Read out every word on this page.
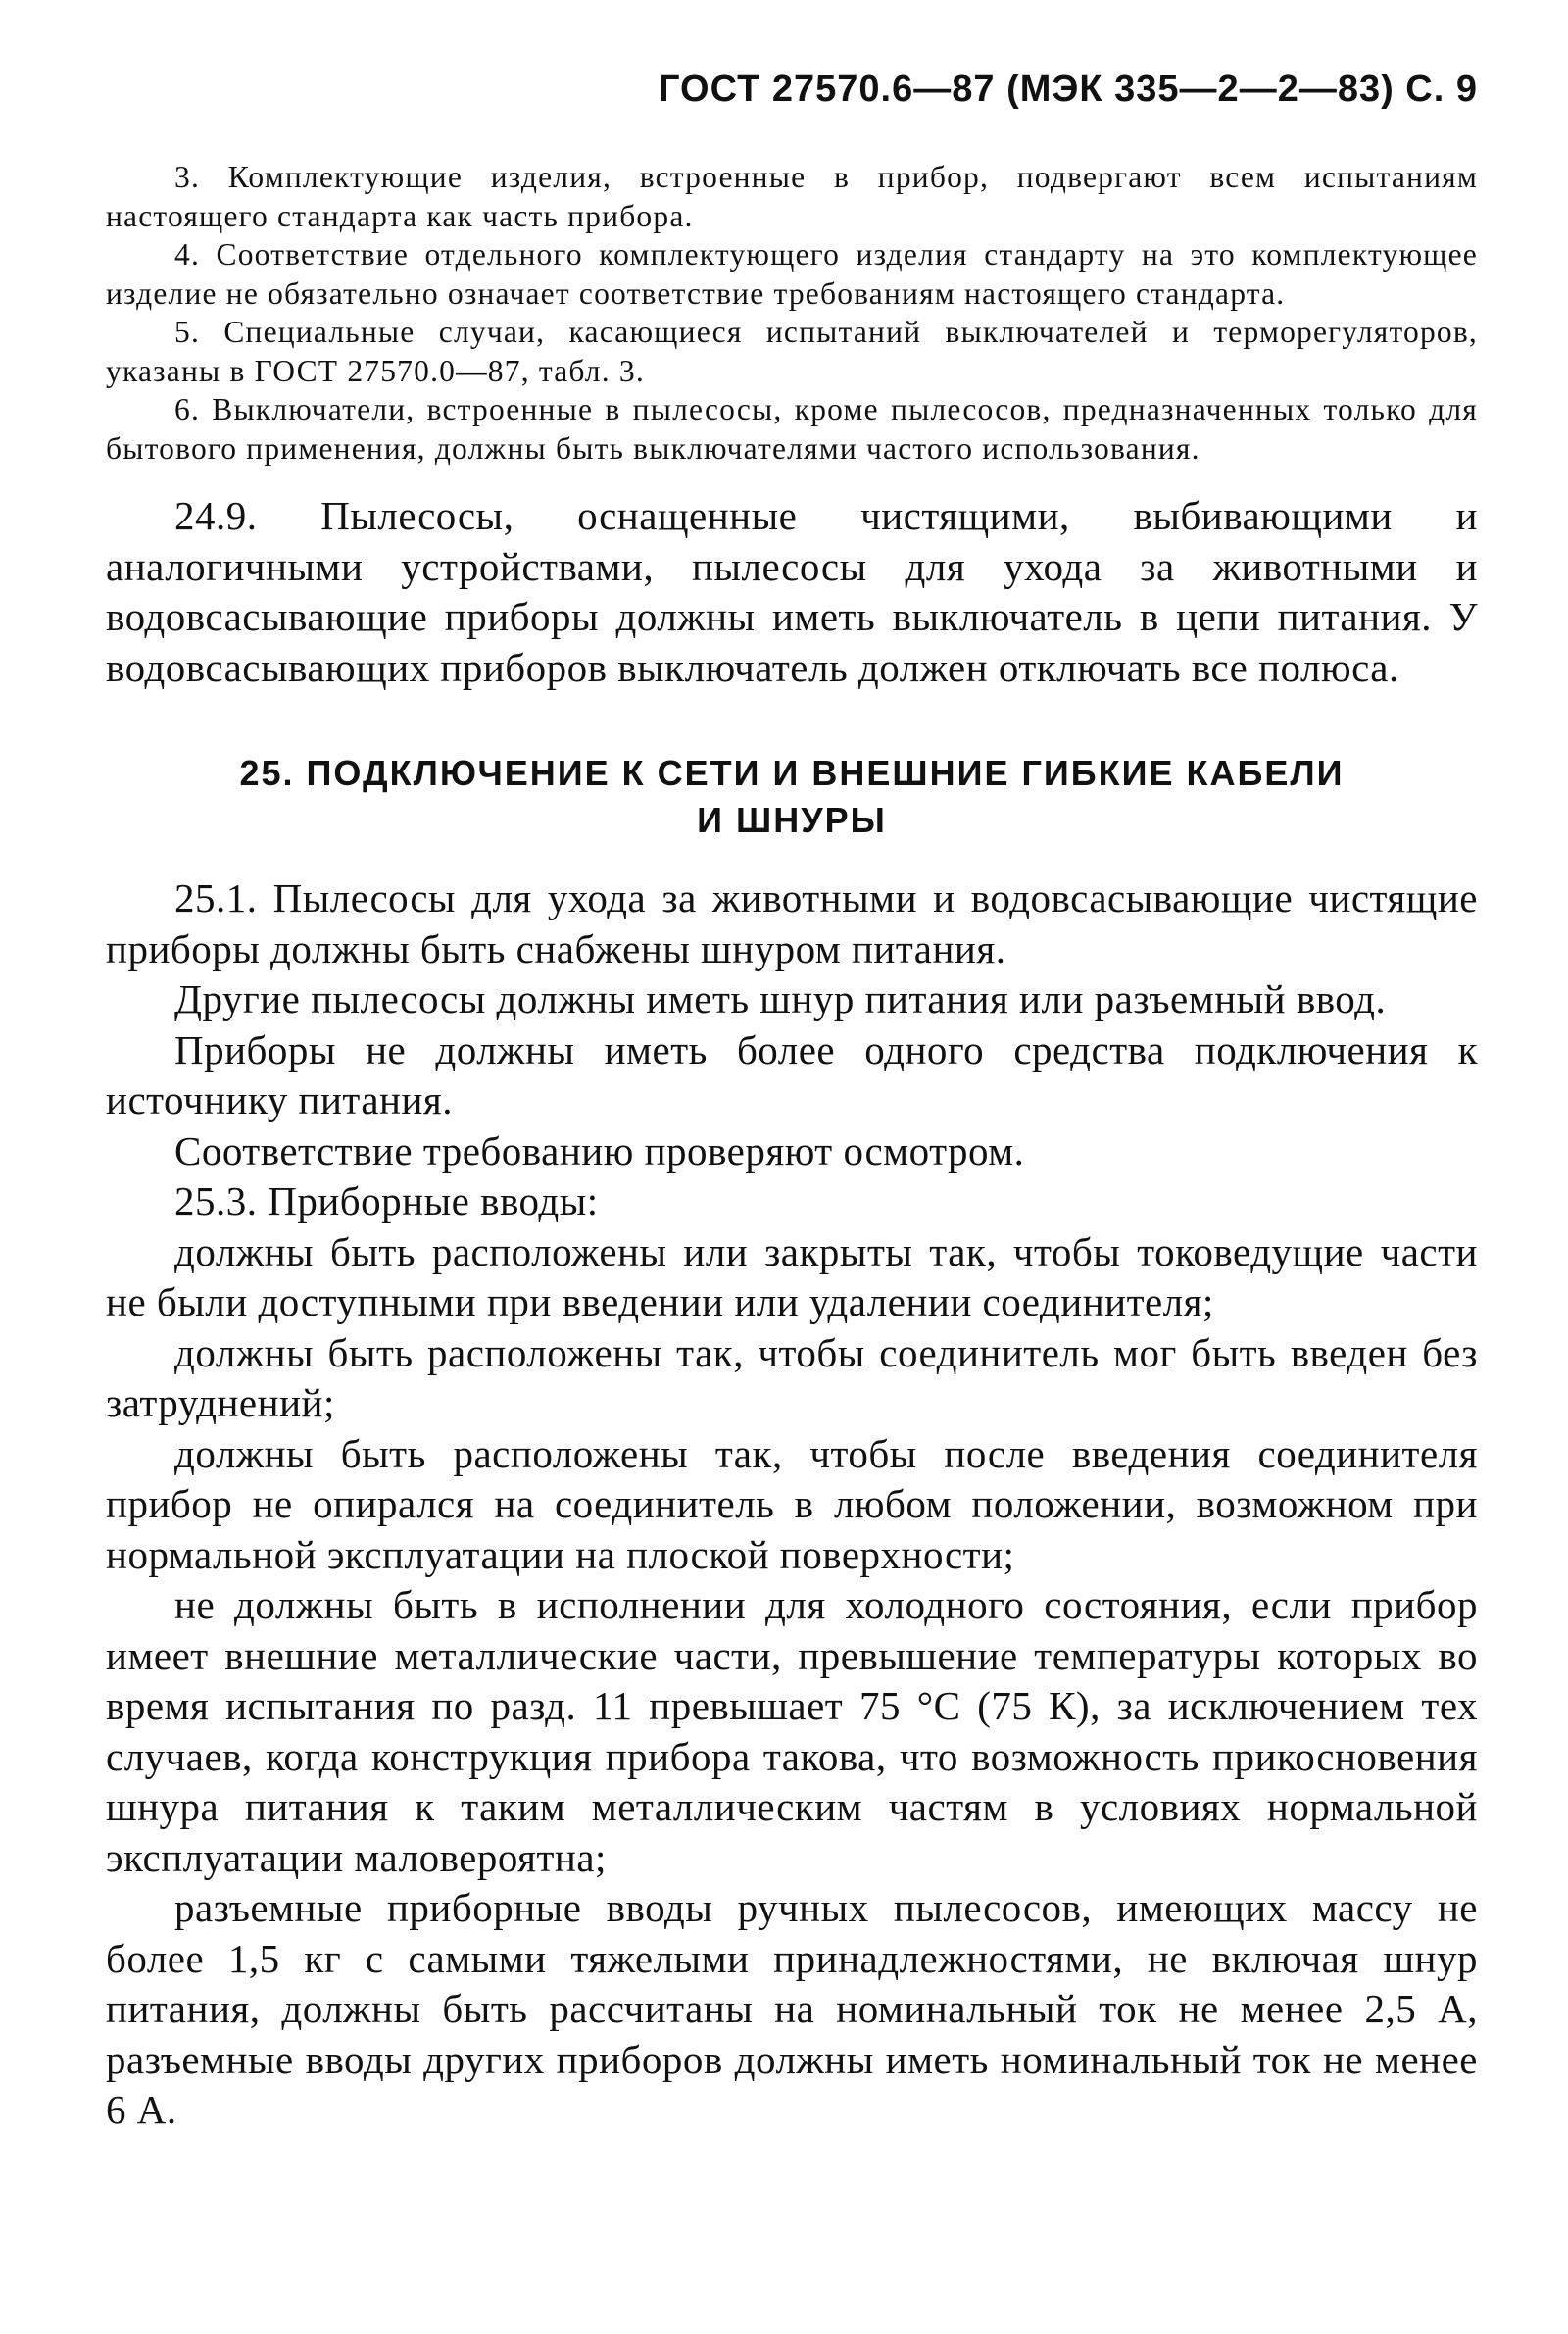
ГОСТ 27570.6—87 (МЭК 335—2—2—83) С. 9

3. Комплектующие изделия, встроенные в прибор, подвергают всем испытаниям настоящего стандарта как часть прибора.

4. Соответствие отдельного комплектующего изделия стандарту на это комплектующее изделие не обязательно означает соответствие требованиям настоящего стандарта.

5. Специальные случаи, касающиеся испытаний выключателей и терморегуляторов, указаны в ГОСТ 27570.0—87, табл. 3.

6. Выключатели, встроенные в пылесосы, кроме пылесосов, предназначенных только для бытового применения, должны быть выключателями частого использования.

24.9. Пылесосы, оснащенные чистящими, выбивающими и аналогичными устройствами, пылесосы для ухода за животными и водовсасывающие приборы должны иметь выключатель в цепи питания. У водовсасывающих приборов выключатель должен отключать все полюса.

25. ПОДКЛЮЧЕНИЕ К СЕТИ И ВНЕШНИЕ ГИБКИЕ КАБЕЛИ
И ШНУРЫ

25.1. Пылесосы для ухода за животными и водовсасывающие чистящие приборы должны быть снабжены шнуром питания.

Другие пылесосы должны иметь шнур питания или разъемный ввод.

Приборы не должны иметь более одного средства подключения к источнику питания.

Соответствие требованию проверяют осмотром.

25.3. Приборные вводы:

должны быть расположены или закрыты так, чтобы токоведущие части не были доступными при введении или удалении соединителя;

должны быть расположены так, чтобы соединитель мог быть введен без затруднений;

должны быть расположены так, чтобы после введения соединителя прибор не опирался на соединитель в любом положении, возможном при нормальной эксплуатации на плоской поверхности;

не должны быть в исполнении для холодного состояния, если прибор имеет внешние металлические части, превышение температуры которых во время испытания по разд. 11 превышает 75 °С (75 К), за исключением тех случаев, когда конструкция прибора такова, что возможность прикосновения шнура питания к таким металлическим частям в условиях нормальной эксплуатации маловероятна;

разъемные приборные вводы ручных пылесосов, имеющих массу не более 1,5 кг с самыми тяжелыми принадлежностями, не включая шнур питания, должны быть рассчитаны на номинальный ток не менее 2,5 А, разъемные вводы других приборов должны иметь номинальный ток не менее 6 А.
